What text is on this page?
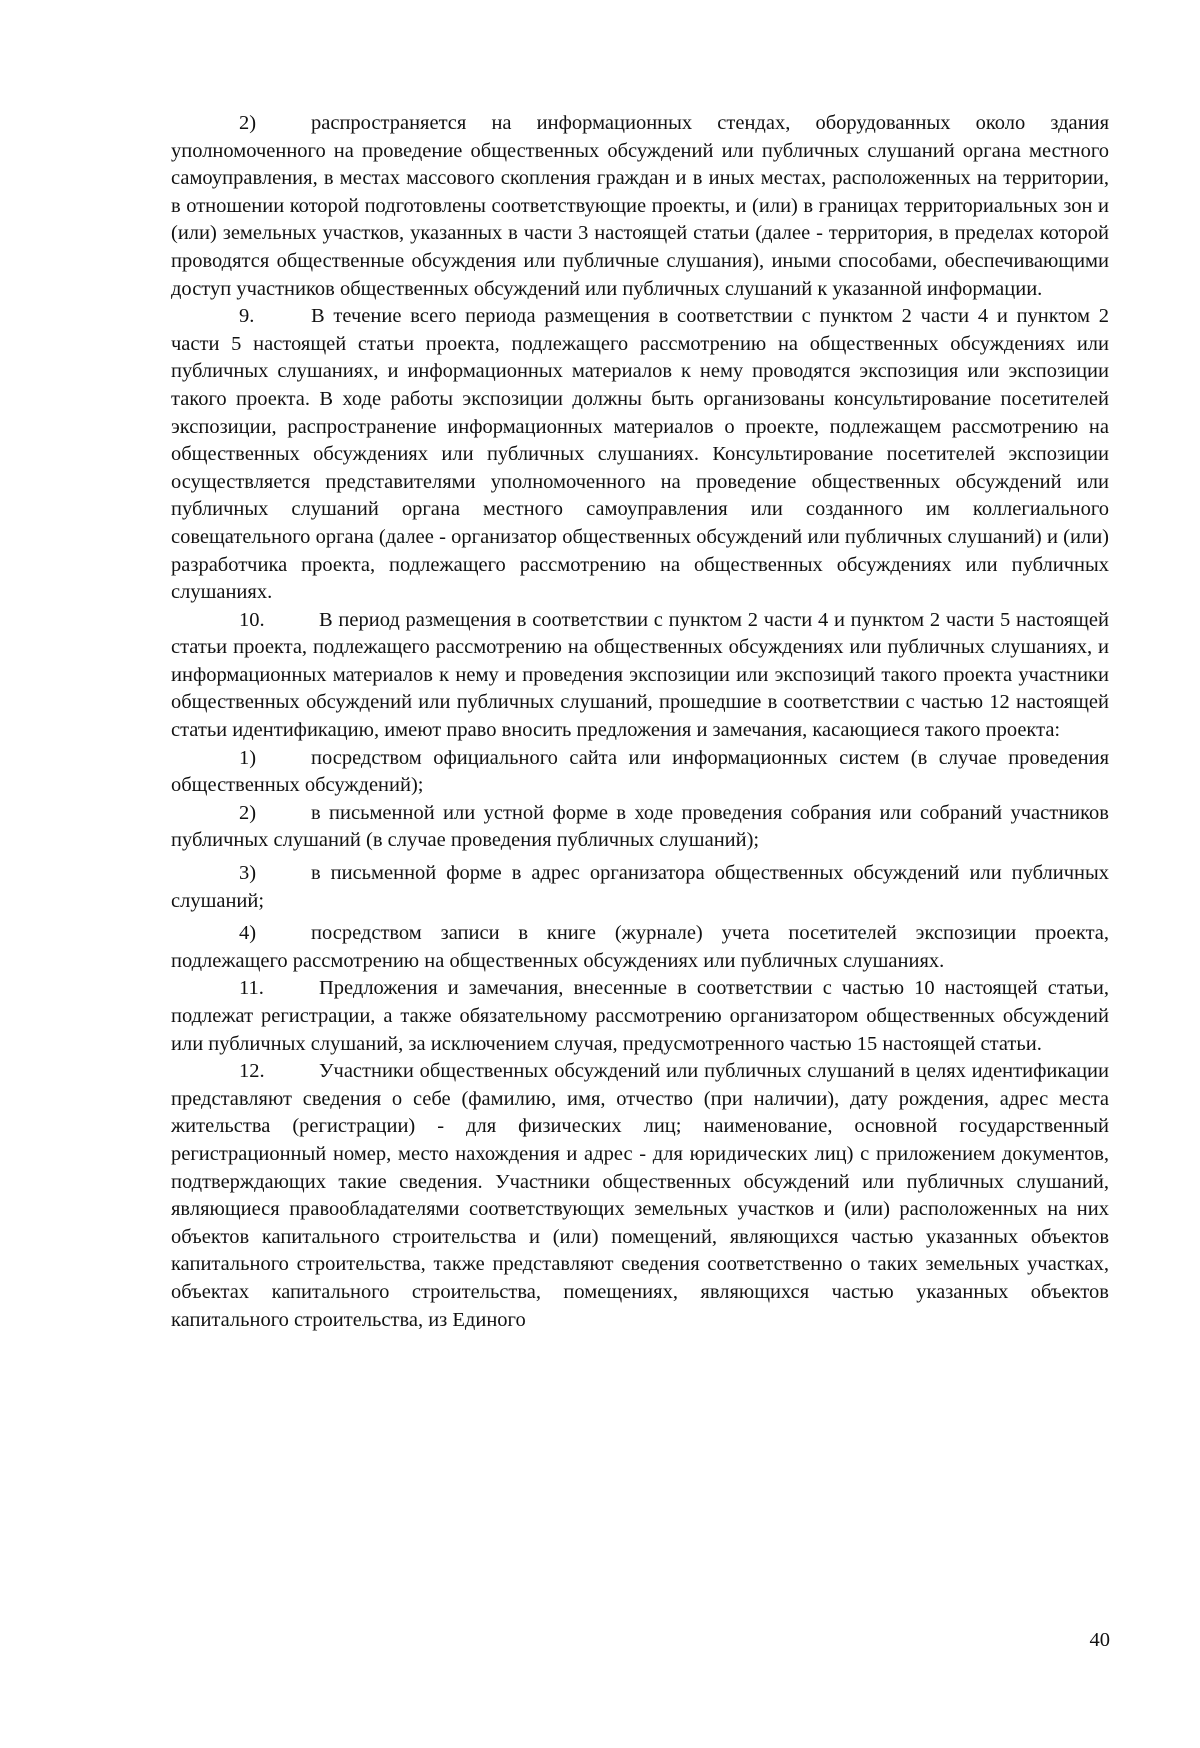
2)	распространяется на информационных стендах, оборудованных около здания уполномоченного на проведение общественных обсуждений или публичных слушаний органа местного самоуправления, в местах массового скопления граждан и в иных местах, расположенных на территории, в отношении которой подготовлены соответствующие проекты, и (или) в границах территориальных зон и (или) земельных участков, указанных в части 3 настоящей статьи (далее - территория, в пределах которой проводятся общественные обсуждения или публичные слушания), иными способами, обеспечивающими доступ участников общественных обсуждений или публичных слушаний к указанной информации.

9.	В течение всего периода размещения в соответствии с пунктом 2 части 4 и пунктом 2 части 5 настоящей статьи проекта, подлежащего рассмотрению на общественных обсуждениях или публичных слушаниях, и информационных материалов к нему проводятся экспозиция или экспозиции такого проекта. В ходе работы экспозиции должны быть организованы консультирование посетителей экспозиции, распространение информационных материалов о проекте, подлежащем рассмотрению на общественных обсуждениях или публичных слушаниях. Консультирование посетителей экспозиции осуществляется представителями уполномоченного на проведение общественных обсуждений или публичных слушаний органа местного самоуправления или созданного им коллегиального совещательного органа (далее - организатор общественных обсуждений или публичных слушаний) и (или) разработчика проекта, подлежащего рассмотрению на общественных обсуждениях или публичных слушаниях.

10.	В период размещения в соответствии с пунктом 2 части 4 и пунктом 2 части 5 настоящей статьи проекта, подлежащего рассмотрению на общественных обсуждениях или публичных слушаниях, и информационных материалов к нему и проведения экспозиции или экспозиций такого проекта участники общественных обсуждений или публичных слушаний, прошедшие в соответствии с частью 12 настоящей статьи идентификацию, имеют право вносить предложения и замечания, касающиеся такого проекта:

1)	посредством официального сайта или информационных систем (в случае проведения общественных обсуждений);

2)	в письменной или устной форме в ходе проведения собрания или собраний участников публичных слушаний (в случае проведения публичных слушаний);

3)	в письменной форме в адрес организатора общественных обсуждений или публичных слушаний;

4)	посредством записи в книге (журнале) учета посетителей экспозиции проекта, подлежащего рассмотрению на общественных обсуждениях или публичных слушаниях.

11.	Предложения и замечания, внесенные в соответствии с частью 10 настоящей статьи, подлежат регистрации, а также обязательному рассмотрению организатором общественных обсуждений или публичных слушаний, за исключением случая, предусмотренного частью 15 настоящей статьи.

12.	Участники общественных обсуждений или публичных слушаний в целях идентификации представляют сведения о себе (фамилию, имя, отчество (при наличии), дату рождения, адрес места жительства (регистрации) - для физических лиц; наименование, основной государственный регистрационный номер, место нахождения и адрес - для юридических лиц) с приложением документов, подтверждающих такие сведения. Участники общественных обсуждений или публичных слушаний, являющиеся правообладателями соответствующих земельных участков и (или) расположенных на них объектов капитального строительства и (или) помещений, являющихся частью указанных объектов капитального строительства, также представляют сведения соответственно о таких земельных участках, объектах капитального строительства, помещениях, являющихся частью указанных объектов капитального строительства, из Единого

40
